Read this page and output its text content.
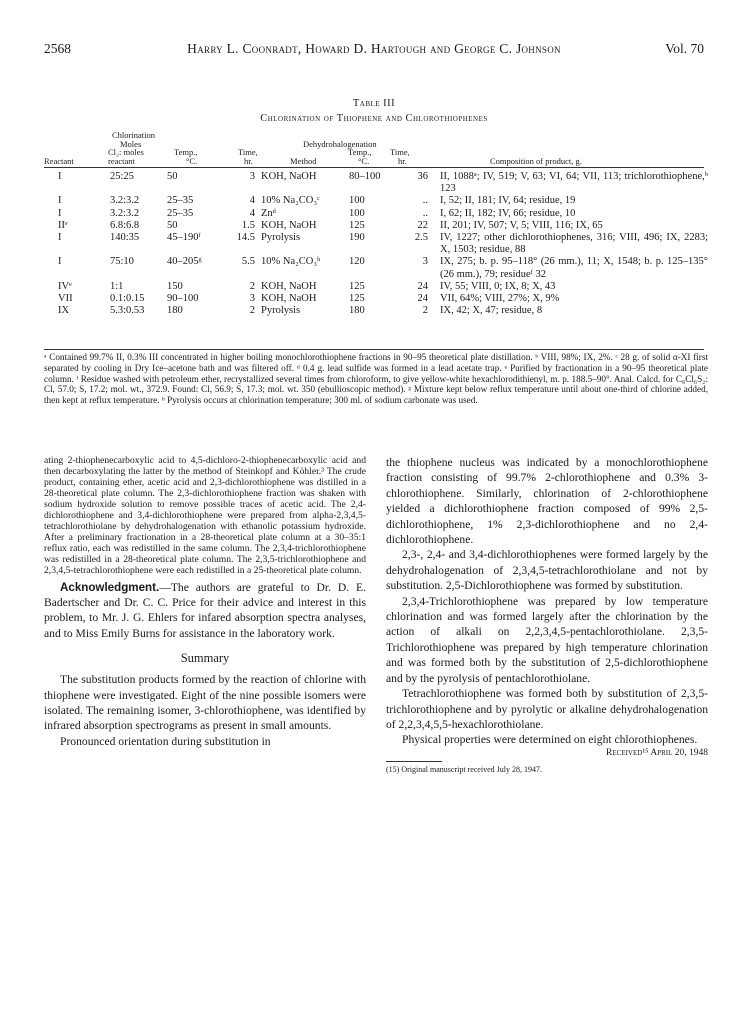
2568	Harry L. Coonradt, Howard D. Hartough and George C. Johnson	Vol. 70
Table III
Chlorination of Thiophene and Chlorothiophenes
Chlorination
Moles	Dehydrohalogenation
Cl₂: moles	Temp.,	Time,	Temp., Time,
Reactant	reactant	°C.	hr.	Method	°C.	hr.	Composition of product, g.
I	25:25	50	3	KOH, NaOH	80–100	36	II, 1088ᵃ; IV, 519; V, 63; VI, 64; VII, 113; trichlorothiophene,ᵇ 123
I	3.2:3.2	25–35	4	10% Na₂CO₃ᶜ	100	..	I, 52; II, 181; IV, 64; residue, 19
I	3.2:3.2	25–35	4	Znᵈ	100	..	I, 62; II, 182; IV, 66; residue, 10
IIᵉ	6.8:6.8	50	1.5	KOH, NaOH	125	22	II, 201; IV, 507; V, 5; VIII, 116; IX, 65
I	140:35	45–190ᶠ	14.5	Pyrolysis	190	2.5	IV, 1227; other dichlorothiophenes, 316; VIII, 496; IX, 2283; X, 1503; residue, 88
I	75:10	40–205ᵍ	5.5	10% Na₂CO₃ʰ	120	3	IX, 275; b. p. 95–118° (26 mm.), 11; X, 1548; b. p. 125–135° (26 mm.), 79; residueᶠ 32
IVᵉ	1:1	150	2	KOH, NaOH	125	24	IV, 55; VIII, 0; IX, 8; X, 43
VII	0.1:0.15	90–100	3	KOH, NaOH	125	24	VII, 64%; VIII, 27%; X, 9%
IX	5.3:0.53	180	2	Pyrolysis	180	2	IX, 42; X, 47; residue, 8
ᵃ Contained 99.7% II, 0.3% III concentrated in higher boiling monochlorothiophene fractions in 90–95 theoretical plate distillation. ᵇ VIII, 98%; IX, 2%. ᶜ 28 g. of solid α-XI first separated by cooling in Dry Ice–acetone bath and was filtered off. ᵈ 0.4 g. lead sulfide was formed in a lead acetate trap. ᵉ Purified by fractionation in a 90–95 theoretical plate column. ᶠ Residue washed with petroleum ether, recrystallized several times from chloroform, to give yellow-white hexachlorodithienyl, m. p. 188.5–90°. Anal. Calcd. for C₈Cl₆S₂: Cl, 57.0; S, 17.2; mol. wt., 372.9. Found: Cl, 56.9; S, 17.3; mol. wt. 350 (ebullioscopic method). ᵍ Mixture kept below reflux temperature until about one-third of chlorine added, then kept at reflux temperature. ʰ Pyrolysis occurs at chlorination temperature; 300 ml. of sodium carbonate was used.

ating 2-thiophenecarboxylic acid to 4,5-dichloro-2-thiophenecarboxylic acid and then decarboxylating the latter by the method of Steinkopf and Köhler.³ The crude product, containing ether, acetic acid and 2,3-dichlorothiophene was distilled in a 28-theoretical plate column. The 2,3-dichlorothiophene fraction was shaken with sodium hydroxide solution to remove possible traces of acetic acid. The 2,4-dichlorothiophene and 3,4-dichlorothiophene were prepared from alpha-2,3,4,5-tetrachlorothiolane by dehydrohalogenation with ethanolic potassium hydroxide. After a preliminary fractionation in a 28-theoretical plate column at a 30–35:1 reflux ratio, each was redistilled in the same column. The 2,3,4-trichlorothiophene was redistilled in a 28-theoretical plate column. The 2,3,5-trichlorothiophene and 2,3,4,5-tetrachlorothiophene were each redistilled in a 25-theoretical plate column.

Acknowledgment.—The authors are grateful to Dr. D. E. Badertscher and Dr. C. C. Price for their advice and interest in this problem, to Mr. J. G. Ehlers for infared absorption spectra analyses, and to Miss Emily Burns for assistance in the laboratory work.

Summary

The substitution products formed by the reaction of chlorine with thiophene were investigated. Eight of the nine possible isomers were isolated. The remaining isomer, 3-chlorothiophene, was identified by infrared absorption spectrograms as present in small amounts.

Pronounced orientation during substitution in

the thiophene nucleus was indicated by a monochlorothiophene fraction consisting of 99.7% 2-chlorothiophene and 0.3% 3-chlorothiophene. Similarly, chlorination of 2-chlorothiophene yielded a dichlorothiophene fraction composed of 99% 2,5-dichlorothiophene, 1% 2,3-dichlorothiophene and no 2,4-dichlorothiophene.

2,3-, 2,4- and 3,4-dichlorothiophenes were formed largely by the dehydrohalogenation of 2,3,4,5-tetrachlorothiolane and not by substitution. 2,5-Dichlorothiophene was formed by substitution.

2,3,4-Trichlorothiophene was prepared by low temperature chlorination and was formed largely after the chlorination by the action of alkali on 2,2,3,4,5-pentachlorothiolane. 2,3,5-Trichlorothiophene was prepared by high temperature chlorination and was formed both by the substitution of 2,5-dichlorothiophene and by the pyrolysis of pentachlorothiolane.

Tetrachlorothiophene was formed both by substitution of 2,3,5-trichlorothiophene and by pyrolytic or alkaline dehydrohalogenation of 2,2,3,4,5,5-hexachlorothiolane.

Physical properties were determined on eight chlorothiophenes.

Received¹⁵ April 20, 1948
(15) Original manuscript received July 28, 1947.
